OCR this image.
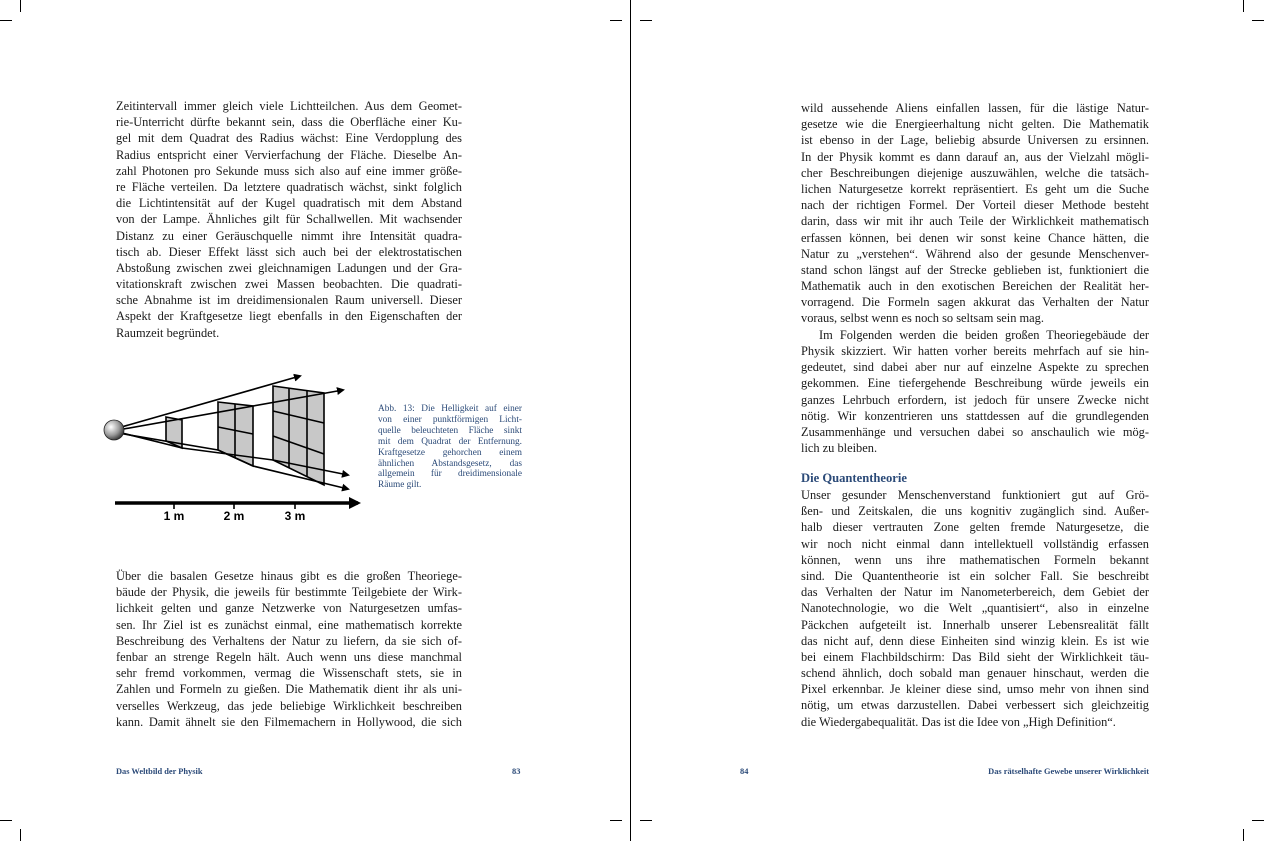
Zeitintervall immer gleich viele Lichtteilchen. Aus dem Geomet-
rie-Unterricht dürfte bekannt sein, dass die Oberfläche einer Ku-
gel mit dem Quadrat des Radius wächst: Eine Verdopplung des
Radius entspricht einer Vervierfachung der Fläche. Dieselbe An-
zahl Photonen pro Sekunde muss sich also auf eine immer größe-
re Fläche verteilen. Da letztere quadratisch wächst, sinkt folglich
die Lichtintensität auf der Kugel quadratisch mit dem Abstand
von der Lampe. Ähnliches gilt für Schallwellen. Mit wachsender
Distanz zu einer Geräuschquelle nimmt ihre Intensität quadra-
tisch ab. Dieser Effekt lässt sich auch bei der elektrostatischen
Abstoßung zwischen zwei gleichnamigen Ladungen und der Gra-
vitationskraft zwischen zwei Massen beobachten. Die quadrati-
sche Abnahme ist im dreidimensionalen Raum universell. Dieser
Aspekt der Kraftgesetze liegt ebenfalls in den Eigenschaften der
Raumzeit begründet.
1 m	2 m	3 m
Abb. 13: Die Helligkeit auf einer
von einer punktförmigen Licht-
quelle beleuchteten Fläche sinkt
mit dem Quadrat der Entfernung.
Kraftgesetze gehorchen einem
ähnlichen Abstandsgesetz, das
allgemein für dreidimensionale
Räume gilt.
Über die basalen Gesetze hinaus gibt es die großen Theoriege-
bäude der Physik, die jeweils für bestimmte Teilgebiete der Wirk-
lichkeit gelten und ganze Netzwerke von Naturgesetzen umfas-
sen. Ihr Ziel ist es zunächst einmal, eine mathematisch korrekte
Beschreibung des Verhaltens der Natur zu liefern, da sie sich of-
fenbar an strenge Regeln hält. Auch wenn uns diese manchmal
sehr fremd vorkommen, vermag die Wissenschaft stets, sie in
Zahlen und Formeln zu gießen. Die Mathematik dient ihr als uni-
verselles Werkzeug, das jede beliebige Wirklichkeit beschreiben
kann. Damit ähnelt sie den Filmemachern in Hollywood, die sich
Das Weltbild der Physik	83	84	Das rätselhafte Gewebe unserer Wirklichkeit
wild aussehende Aliens einfallen lassen, für die lästige Natur-
gesetze wie die Energieerhaltung nicht gelten. Die Mathematik
ist ebenso in der Lage, beliebig absurde Universen zu ersinnen.
In der Physik kommt es dann darauf an, aus der Vielzahl mögli-
cher Beschreibungen diejenige auszuwählen, welche die tatsäch-
lichen Naturgesetze korrekt repräsentiert. Es geht um die Suche
nach der richtigen Formel. Der Vorteil dieser Methode besteht
darin, dass wir mit ihr auch Teile der Wirklichkeit mathematisch
erfassen können, bei denen wir sonst keine Chance hätten, die
Natur zu „verstehen“. Während also der gesunde Menschenver-
stand schon längst auf der Strecke geblieben ist, funktioniert die
Mathematik auch in den exotischen Bereichen der Realität her-
vorragend. Die Formeln sagen akkurat das Verhalten der Natur
voraus, selbst wenn es noch so seltsam sein mag.
Im Folgenden werden die beiden großen Theoriegebäude der
Physik skizziert. Wir hatten vorher bereits mehrfach auf sie hin-
gedeutet, sind dabei aber nur auf einzelne Aspekte zu sprechen
gekommen. Eine tiefergehende Beschreibung würde jeweils ein
ganzes Lehrbuch erfordern, ist jedoch für unsere Zwecke nicht
nötig. Wir konzentrieren uns stattdessen auf die grundlegenden
Zusammenhänge und versuchen dabei so anschaulich wie mög-
lich zu bleiben.
Die Quantentheorie
Unser gesunder Menschenverstand funktioniert gut auf Grö-
ßen- und Zeitskalen, die uns kognitiv zugänglich sind. Außer-
halb dieser vertrauten Zone gelten fremde Naturgesetze, die
wir noch nicht einmal dann intellektuell vollständig erfassen
können, wenn uns ihre mathematischen Formeln bekannt
sind. Die Quantentheorie ist ein solcher Fall. Sie beschreibt
das Verhalten der Natur im Nanometerbereich, dem Gebiet der
Nanotechnologie, wo die Welt „quantisiert“, also in einzelne
Päckchen aufgeteilt ist. Innerhalb unserer Lebensrealität fällt
das nicht auf, denn diese Einheiten sind winzig klein. Es ist wie
bei einem Flachbildschirm: Das Bild sieht der Wirklichkeit täu-
schend ähnlich, doch sobald man genauer hinschaut, werden die
Pixel erkennbar. Je kleiner diese sind, umso mehr von ihnen sind
nötig, um etwas darzustellen. Dabei verbessert sich gleichzeitig
die Wiedergabequalität. Das ist die Idee von „High Definition“.
